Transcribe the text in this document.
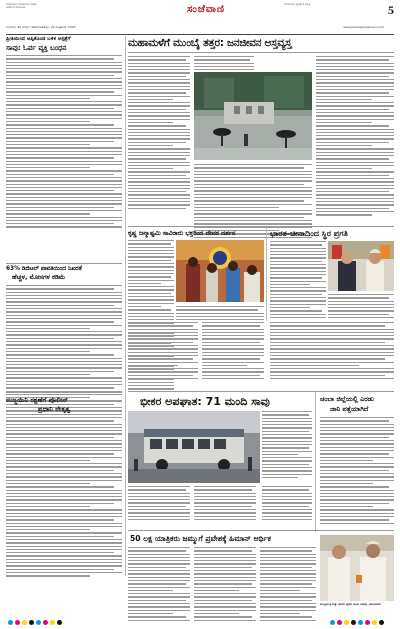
ಬೆಂಗಳೂರು | ಮಂಗಳವಾರ, ಸಂಪುಟ
ಸಂಜೆವಾಣಿ ಬೆಂಗಳೂರು	ಸಂಜೆವಾಣಿ	ಬೆಂಗಳೂರು | ಪ್ರಾದೇಶಿಕ ಆವೃತ್ತಿ	5
ಬುಧವಾರ, 20 ಆಗಸ್ಟ್ | Wednesday, 20 August, 2025	ssanjevani@sanjevani.com
ಪ್ರೀತಿಯಿಂದ ಅಪ್ಪಿಕೊಂಡ ಬಳಿಕ ಆಸ್ಪತ್ರೆಗೆ
ಸಾವು: ಓರ್ವ ವ್ಯಕ್ತಿ ಬಂಧನ	ಮಹಾಮಳೆಗೆ ಮುಂಬೈ ತತ್ತರ: ಜನಜೀವನ ಅಸ್ತವ್ಯಸ್ತ
ಕೃಷ್ಣ ಜನ್ಮಾಷ್ಟಮಿ ಸಾವಿರಾರು ಭಕ್ತರಿಂದ ದೇವರ ದರ್ಶನ	ಭಾರತ-ಚೀನಾದಿಂದ ಸ್ಥಿರ ಪ್ರಗತಿ
63% ಡಿಜಿಟಲ್ ಪಾವತಿಯಿಂದ ನಿಖರತೆ
ಹೆಚ್ಚಳ, ಮೋಸಗಳ ಕಡಿಮೆ
ಉಜ್ಜಯಿನಿ ರಕ್ಷಣೆಗೆ ಪೊಲೀಸ್
ಪ್ರಧಾನಿ ನೇತೃತ್ವ
ಭೀಕರ ಅಪಘಾತ: 71 ಮಂದಿ ಸಾವು	ಚಂಬಾ ಜಿಲ್ಲೆಯಲ್ಲಿ ಎರಡು
ಜಾನಿ ಪತ್ತೆಯಾಗಿದೆ
50 ಲಕ್ಷ ಯಾತ್ರಿಕರು ಜಮ್ಮುಗೆ ಪ್ರವೇಶಕ್ಕೆ ಹಿಮಾನ್ ಆರ್ಥಿಕ
ಮುಖ್ಯಮಂತ್ರಿ ಮತ್ತು ಸಚಿವರು ಪ್ರಧಾನಿ ಮೋದಿ ಅವರನ್ನು ಭೇಟಿಯಾದರು
